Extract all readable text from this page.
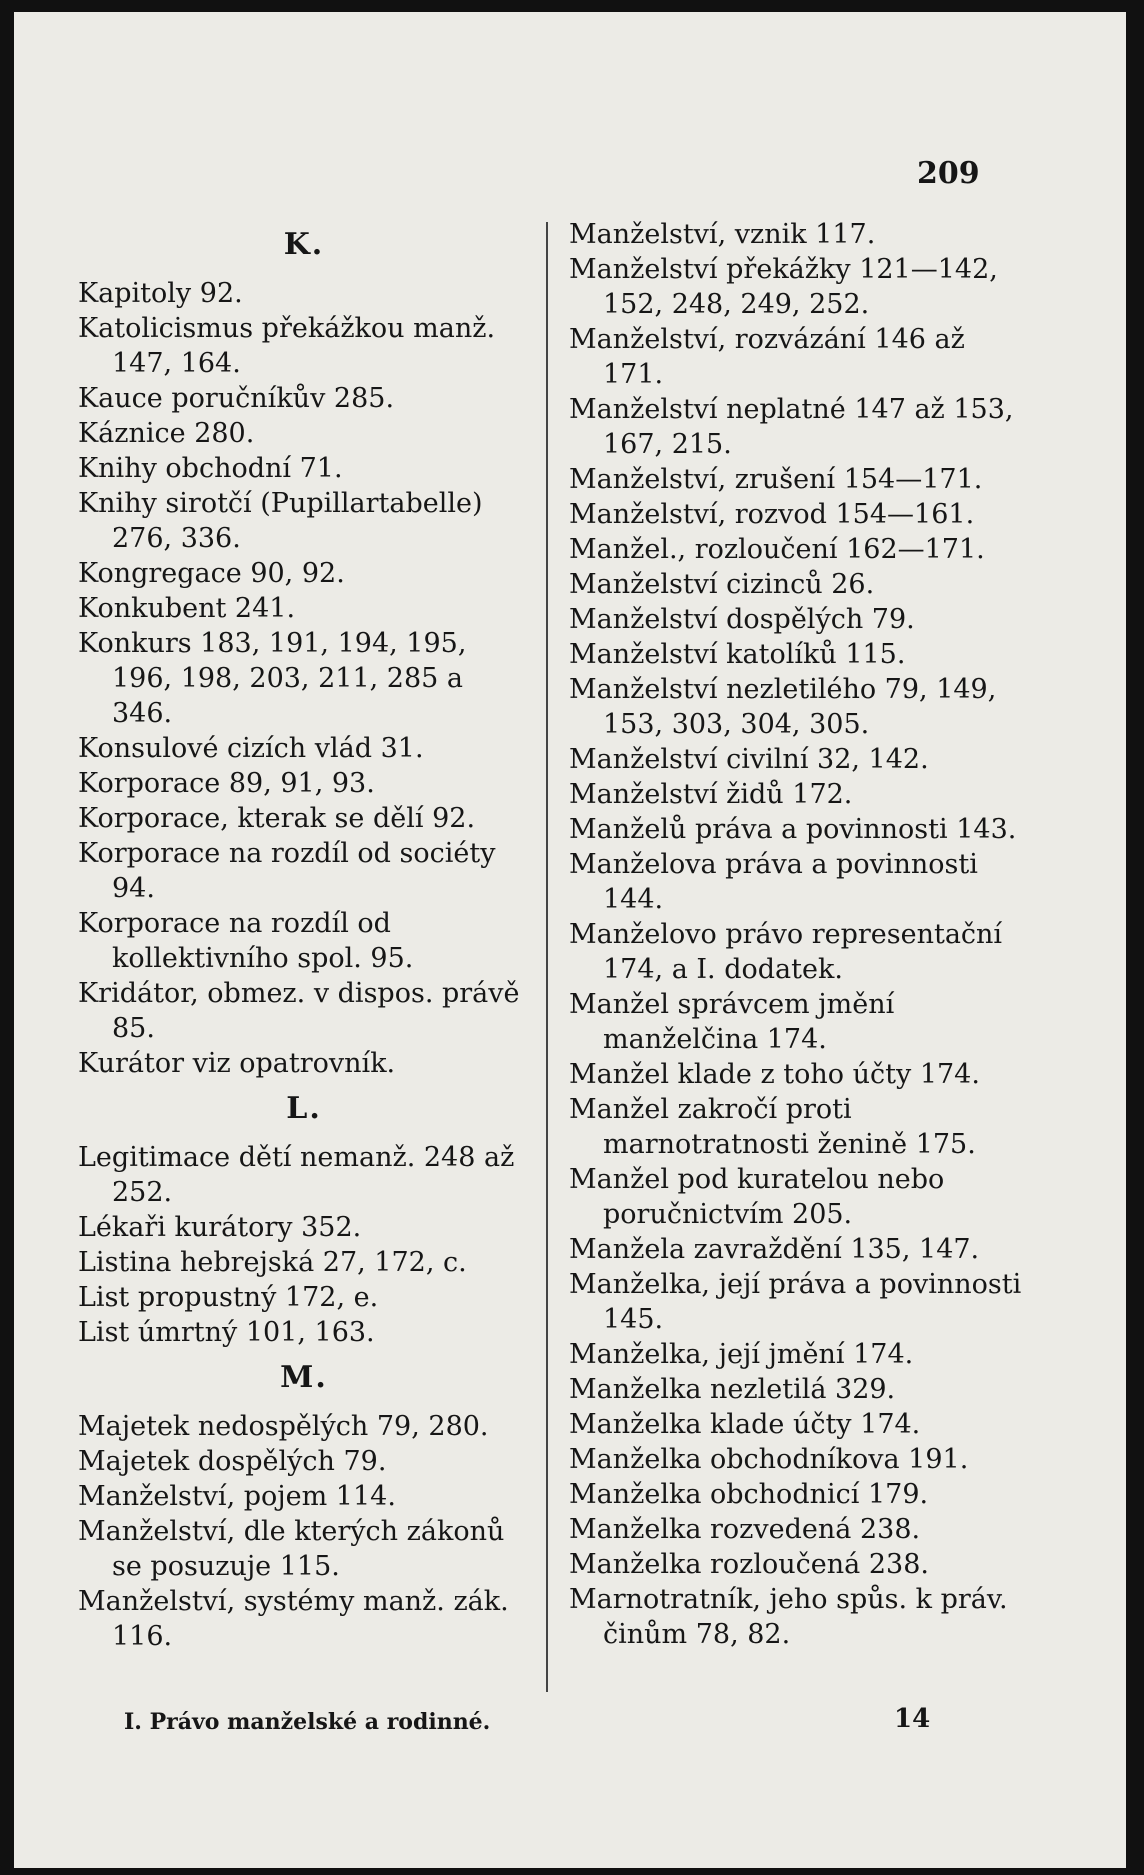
209
K.

Kapitoly 92.

Katolicismus překážkou manž. 147, 164.

Kauce poručníkův 285.

Káznice 280.

Knihy obchodní 71.

Knihy sirotčí (Pupillartabelle) 276, 336.

Kongregace 90, 92.

Konkubent 241.

Konkurs 183, 191, 194, 195, 196, 198, 203, 211, 285 a 346.

Konsulové cizích vlád 31.

Korporace 89, 91, 93.

Korporace, kterak se dělí 92.

Korporace na rozdíl od sociéty 94.

Korporace na rozdíl od kollektivního spol. 95.

Kridátor, obmez. v dispos. právě 85.

Kurátor viz opatrovník.

L.

Legitimace dětí nemanž. 248 až 252.

Lékaři kurátory 352.

Listina hebrejská 27, 172, c.

List propustný 172, e.

List úmrtný 101, 163.

M.

Majetek nedospělých 79, 280.

Majetek dospělých 79.

Manželství, pojem 114.

Manželství, dle kterých zákonů se posuzuje 115.

Manželství, systémy manž. zák. 116.

Manželství, vznik 117.

Manželství překážky 121—142, 152, 248, 249, 252.

Manželství, rozvázání 146 až 171.

Manželství neplatné 147 až 153, 167, 215.

Manželství, zrušení 154—171.

Manželství, rozvod 154—161.

Manžel., rozloučení 162—171.

Manželství cizinců 26.

Manželství dospělých 79.

Manželství katolíků 115.

Manželství nezletilého 79, 149, 153, 303, 304, 305.

Manželství civilní 32, 142.

Manželství židů 172.

Manželů práva a povinnosti 143.

Manželova práva a povinnosti 144.

Manželovo právo representační 174, a I. dodatek.

Manžel správcem jmění manželčina 174.

Manžel klade z toho účty 174.

Manžel zakročí proti marnotratnosti ženině 175.

Manžel pod kuratelou nebo poručnictvím 205.

Manžela zavraždění 135, 147.

Manželka, její práva a povinnosti 145.

Manželka, její jmění 174.

Manželka nezletilá 329.

Manželka klade účty 174.

Manželka obchodníkova 191.

Manželka obchodnicí 179.

Manželka rozvedená 238.

Manželka rozloučená 238.

Marnotratník, jeho spůs. k práv. činům 78, 82.

I. Právo manželské a rodinné.	14
